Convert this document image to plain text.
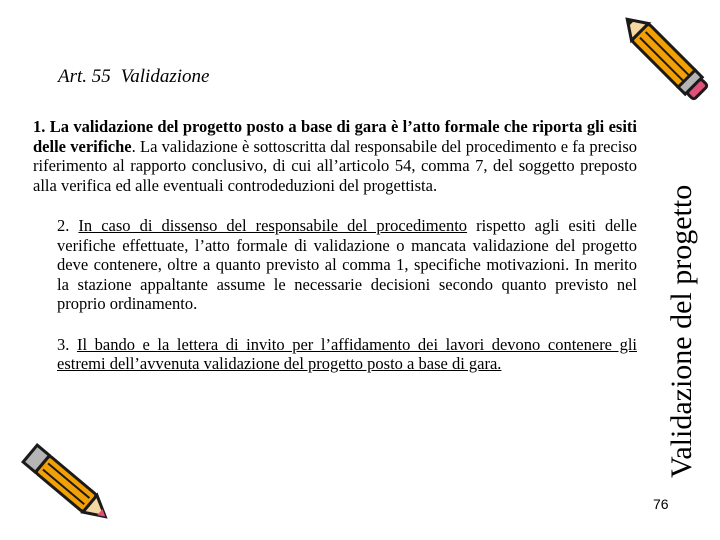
Art. 55 Validazione

1. La validazione del progetto posto a base di gara è l’atto formale che riporta gli esiti delle verifiche. La validazione è sottoscritta dal responsabile del procedimento e fa preciso riferimento al rapporto conclusivo, di cui all’articolo 54, comma 7, del soggetto preposto alla verifica ed alle eventuali controdeduzioni del progettista.

2. In caso di dissenso del responsabile del procedimento rispetto agli esiti delle verifiche effettuate, l’atto formale di validazione o mancata validazione del progetto deve contenere, oltre a quanto previsto al comma 1, specifiche motivazioni. In merito la stazione appaltante assume le necessarie decisioni secondo quanto previsto nel proprio ordinamento.

3. Il bando e la lettera di invito per l’affidamento dei lavori devono contenere gli estremi dell’avvenuta validazione del progetto posto a base di gara.	Validazione del progetto
76
